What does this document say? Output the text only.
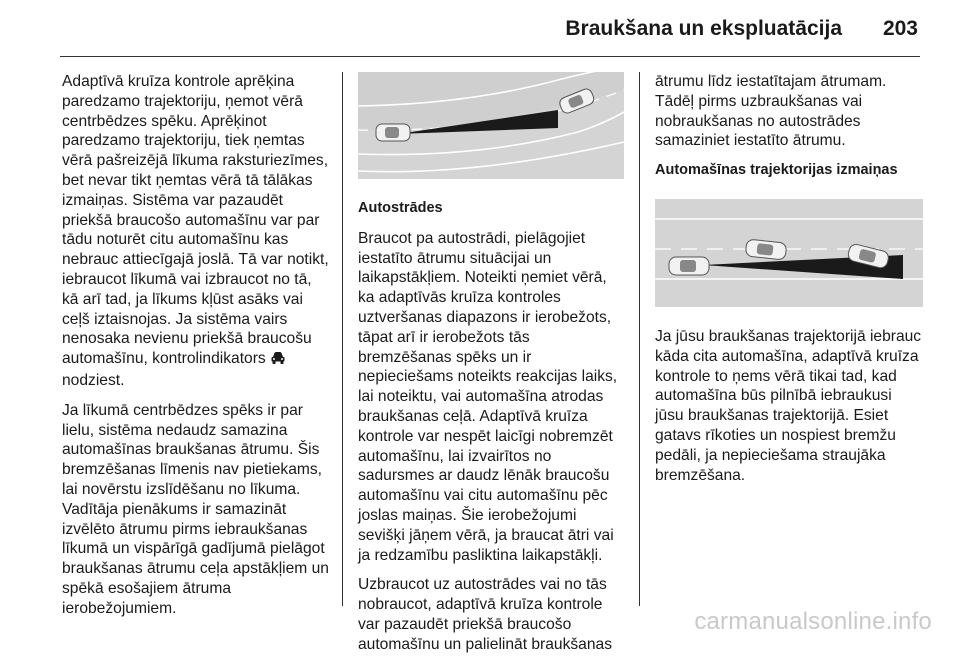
Braukšana un ekspluatācija 203

Adaptīvā kruīza kontrole aprēķina paredzamo trajektoriju, ņemot vērā centrbēdzes spēku. Aprēķinot paredzamo trajektoriju, tiek ņemtas vērā pašreizējā līkuma raksturiezīmes, bet nevar tikt ņemtas vērā tā tālākas izmaiņas. Sistēma var pazaudēt priekšā braucošo automašīnu var par tādu noturēt citu automašīnu kas nebrauc attiecīgajā joslā. Tā var notikt, iebraucot līkumā vai izbraucot no tā, kā arī tad, ja līkums kļūst asāks vai ceļš iztaisnojas. Ja sistēma vairs nenosaka nevienu priekšā braucošu automašīnu, kontrolindikators  nodziest.

Ja līkumā centrbēdzes spēks ir par lielu, sistēma nedaudz samazina automašīnas braukšanas ātrumu. Šis bremzēšanas līmenis nav pietiekams, lai novērstu izslīdēšanu no līkuma. Vadītāja pienākums ir samazināt izvēlēto ātrumu pirms iebraukšanas līkumā un vispārīgā gadījumā pielāgot braukšanas ātrumu ceļa apstākļiem un spēkā esošajiem ātruma ierobežojumiem.

Autostrādes

Braucot pa autostrādi, pielāgojiet iestatīto ātrumu situācijai un laikapstākļiem. Noteikti ņemiet vērā, ka adaptīvās kruīza kontroles uztveršanas diapazons ir ierobežots, tāpat arī ir ierobežots tās bremzēšanas spēks un ir nepieciešams noteikts reakcijas laiks, lai noteiktu, vai automašīna atrodas braukšanas ceļā. Adaptīvā kruīza kontrole var nespēt laicīgi nobremzēt automašīnu, lai izvairītos no sadursmes ar daudz lēnāk braucošu automašīnu vai citu automašīnu pēc joslas maiņas. Šie ierobežojumi sevišķi jāņem vērā, ja braucat ātri vai ja redzamību pasliktina laikapstākļi.

Uzbraucot uz autostrādes vai no tās nobraucot, adaptīvā kruīza kontrole var pazaudēt priekšā braucošo automašīnu un palielināt braukšanas

ātrumu līdz iestatītajam ātrumam. Tādēļ pirms uzbraukšanas vai nobraukšanas no autostrādes samaziniet iestatīto ātrumu.

Automašīnas trajektorijas izmaiņas

Ja jūsu braukšanas trajektorijā iebrauc kāda cita automašīna, adaptīvā kruīza kontrole to ņems vērā tikai tad, kad automašīna būs pilnībā iebraukusi jūsu braukšanas trajektorijā. Esiet gatavs rīkoties un nospiest bremžu pedāli, ja nepieciešama straujāka bremzēšana.

carmanualsonline.info
